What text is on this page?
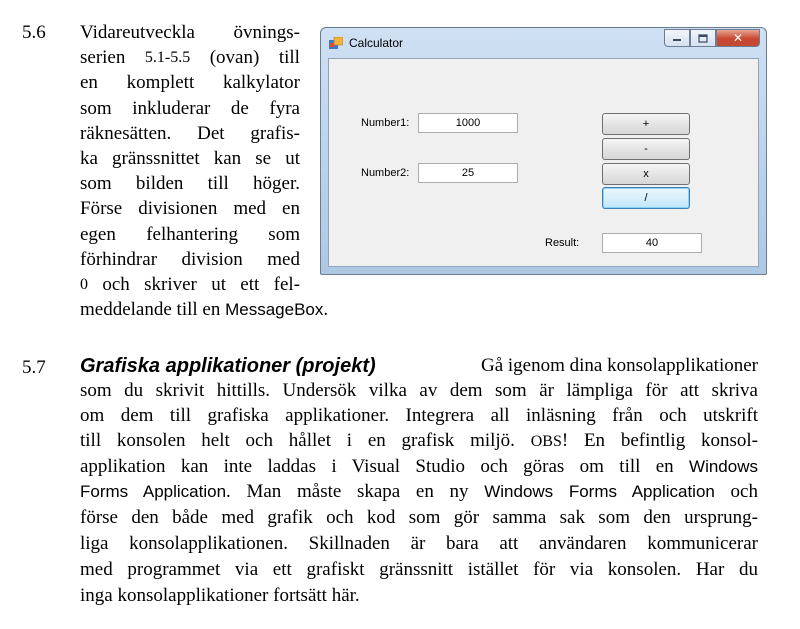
5.6 Vidareutveckla övnings-
serien 5.1-5.5 (ovan) till
en komplett kalkylator
som inkluderar de fyra
räknesätten. Det grafis-
ka gränssnittet kan se ut
som bilden till höger.
Förse divisionen med en
egen felhantering som
förhindrar division med
0 och skriver ut ett fel-
meddelande till en MessageBox.
Calculator	✕
Number1:	1000
Number2:	25
+
-
x
/
Result:	40
5.7 Grafiska applikationer (projekt)	Gå igenom dina konsolapplikationer
som du skrivit hittills. Undersök vilka av dem som är lämpliga för att skriva
om dem till grafiska applikationer. Integrera all inläsning från och utskrift
till konsolen helt och hållet i en grafisk miljö. OBS! En befintlig konsol-
applikation kan inte laddas i Visual Studio och göras om till en Windows
Forms Application. Man måste skapa en ny Windows Forms Application och
förse den både med grafik och kod som gör samma sak som den ursprung-
liga konsolapplikationen. Skillnaden är bara att användaren kommunicerar
med programmet via ett grafiskt gränssnitt istället för via konsolen. Har du
inga konsolapplikationer fortsätt här.
